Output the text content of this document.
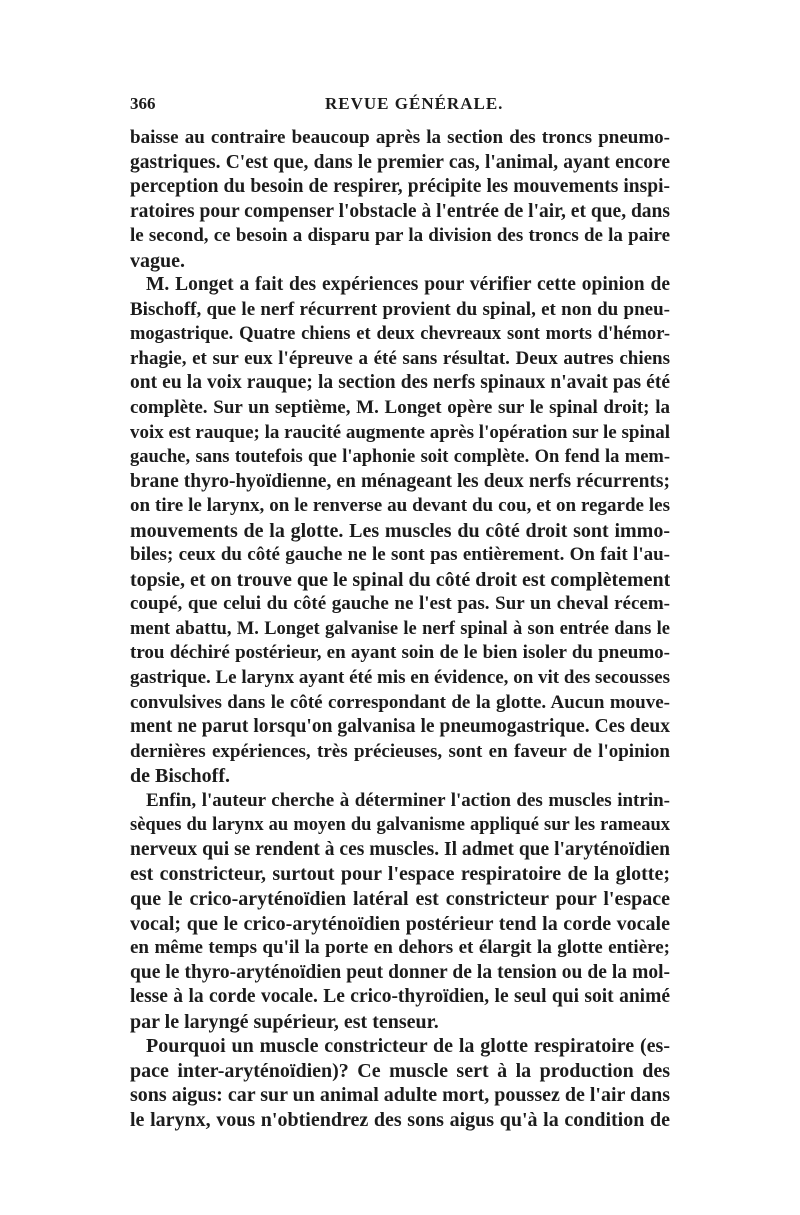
366	REVUE GÉNÉRALE.
baisse au contraire beaucoup après la section des troncs pneumo-
gastriques. C'est que, dans le premier cas, l'animal, ayant encore
perception du besoin de respirer, précipite les mouvements inspi-
ratoires pour compenser l'obstacle à l'entrée de l'air, et que, dans
le second, ce besoin a disparu par la division des troncs de la paire
vague.
M. Longet a fait des expériences pour vérifier cette opinion de
Bischoff, que le nerf récurrent provient du spinal, et non du pneu-
mogastrique. Quatre chiens et deux chevreaux sont morts d'hémor-
rhagie, et sur eux l'épreuve a été sans résultat. Deux autres chiens
ont eu la voix rauque; la section des nerfs spinaux n'avait pas été
complète. Sur un septième, M. Longet opère sur le spinal droit; la
voix est rauque; la raucité augmente après l'opération sur le spinal
gauche, sans toutefois que l'aphonie soit complète. On fend la mem-
brane thyro-hyoïdienne, en ménageant les deux nerfs récurrents;
on tire le larynx, on le renverse au devant du cou, et on regarde les
mouvements de la glotte. Les muscles du côté droit sont immo-
biles; ceux du côté gauche ne le sont pas entièrement. On fait l'au-
topsie, et on trouve que le spinal du côté droit est complètement
coupé, que celui du côté gauche ne l'est pas. Sur un cheval récem-
ment abattu, M. Longet galvanise le nerf spinal à son entrée dans le
trou déchiré postérieur, en ayant soin de le bien isoler du pneumo-
gastrique. Le larynx ayant été mis en évidence, on vit des secousses
convulsives dans le côté correspondant de la glotte. Aucun mouve-
ment ne parut lorsqu'on galvanisa le pneumogastrique. Ces deux
dernières expériences, très précieuses, sont en faveur de l'opinion
de Bischoff.
Enfin, l'auteur cherche à déterminer l'action des muscles intrin-
sèques du larynx au moyen du galvanisme appliqué sur les rameaux
nerveux qui se rendent à ces muscles. Il admet que l'aryténoïdien
est constricteur, surtout pour l'espace respiratoire de la glotte;
que le crico-aryténoïdien latéral est constricteur pour l'espace
vocal; que le crico-aryténoïdien postérieur tend la corde vocale
en même temps qu'il la porte en dehors et élargit la glotte entière;
que le thyro-aryténoïdien peut donner de la tension ou de la mol-
lesse à la corde vocale. Le crico-thyroïdien, le seul qui soit animé
par le laryngé supérieur, est tenseur.
Pourquoi un muscle constricteur de la glotte respiratoire (es-
pace inter-aryténoïdien)? Ce muscle sert à la production des
sons aigus: car sur un animal adulte mort, poussez de l'air dans
le larynx, vous n'obtiendrez des sons aigus qu'à la condition de
